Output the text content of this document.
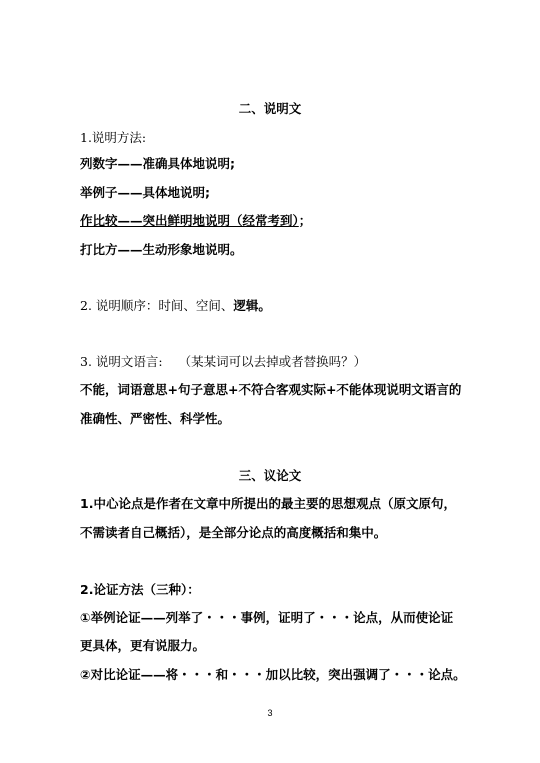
二、说明文
1.说明方法:
列数字——准确具体地说明;
举例子——具体地说明;
作比较——突出鲜明地说明（经常考到）；
打比方——生动形象地说明。
2. 说明顺序：时间、空间、逻辑。
3. 说明文语言: （某某词可以去掉或者替换吗？）
不能，词语意思+句子意思+不符合客观实际+不能体现说明文语言的
准确性、严密性、科学性。
三、议论文
1.中心论点是作者在文章中所提出的最主要的思想观点（原文原句，
不需读者自己概括），是全部分论点的高度概括和集中。
2.论证方法（三种）：
①举例论证——列举了・・・事例，证明了・・・论点，从而使论证
更具体，更有说服力。
②对比论证——将・・・和・・・加以比较，突出强调了・・・论点。
3
